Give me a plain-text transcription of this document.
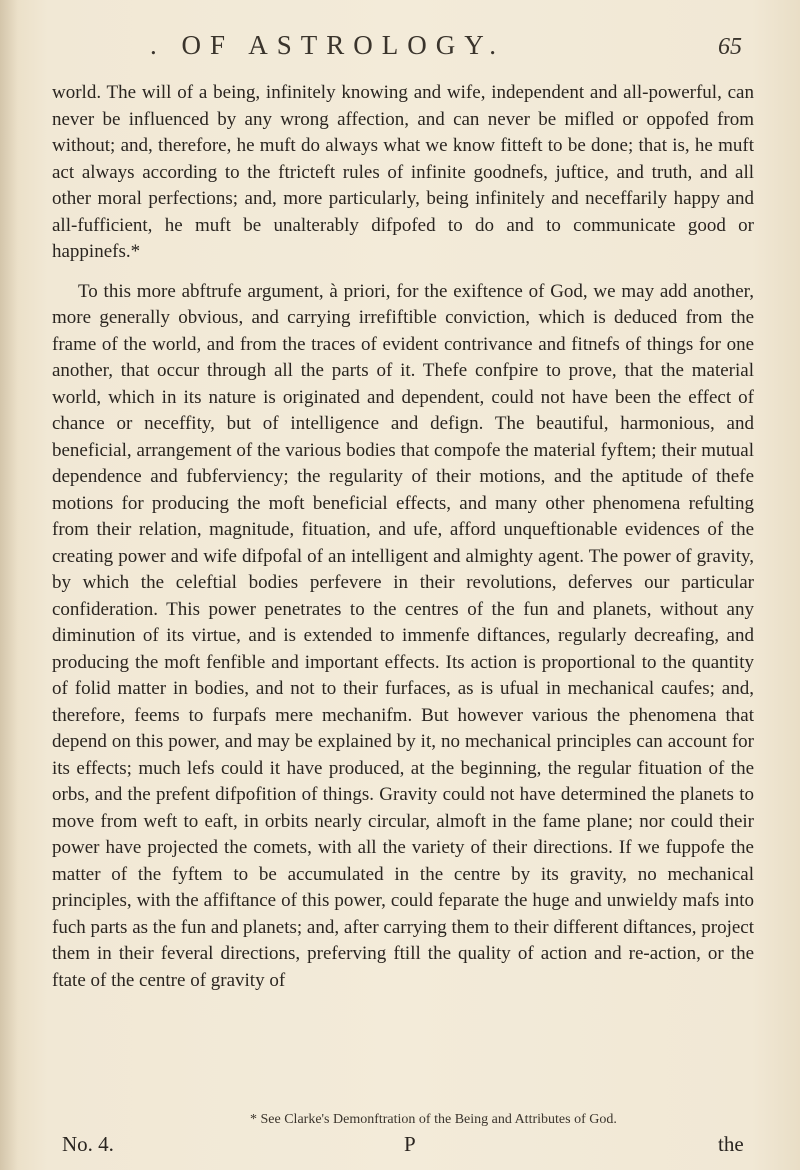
. OF ASTROLOGY.	65

world. The will of a being, infinitely knowing and wife, independent and all-powerful, can never be influenced by any wrong affection, and can never be mifled or oppofed from without; and, therefore, he muft do always what we know fitteft to be done; that is, he muft act always according to the ftricteft rules of infinite goodnefs, juftice, and truth, and all other moral perfections; and, more particularly, being infinitely and neceffarily happy and all-fufficient, he muft be unalterably difpofed to do and to communicate good or happinefs.*

To this more abftrufe argument, à priori, for the exiftence of God, we may add another, more generally obvious, and carrying irrefiftible conviction, which is deduced from the frame of the world, and from the traces of evident contrivance and fitnefs of things for one another, that occur through all the parts of it. Thefe confpire to prove, that the material world, which in its nature is originated and dependent, could not have been the effect of chance or neceffity, but of intelligence and defign. The beautiful, harmonious, and beneficial, arrangement of the various bodies that compofe the material fyftem; their mutual dependence and fubferviency; the regularity of their motions, and the aptitude of thefe motions for producing the moft beneficial effects, and many other phenomena refulting from their relation, magnitude, fituation, and ufe, afford unqueftionable evidences of the creating power and wife difpofal of an intelligent and almighty agent. The power of gravity, by which the celeftial bodies perfevere in their revolutions, deferves our particular confideration. This power penetrates to the centres of the fun and planets, without any diminution of its virtue, and is extended to immenfe diftances, regularly decreafing, and producing the moft fenfible and important effects. Its action is proportional to the quantity of folid matter in bodies, and not to their furfaces, as is ufual in mechanical caufes; and, therefore, feems to furpafs mere mechanifm. But however various the phenomena that depend on this power, and may be explained by it, no mechanical principles can account for its effects; much lefs could it have produced, at the beginning, the regular fituation of the orbs, and the prefent difpofition of things. Gravity could not have determined the planets to move from weft to eaft, in orbits nearly circular, almoft in the fame plane; nor could their power have projected the comets, with all the variety of their directions. If we fuppofe the matter of the fyftem to be accumulated in the centre by its gravity, no mechanical principles, with the affiftance of this power, could feparate the huge and unwieldy mafs into fuch parts as the fun and planets; and, after carrying them to their different diftances, project them in their feveral directions, preferving ftill the quality of action and re-action, or the ftate of the centre of gravity of

* See Clarke's Demonftration of the Being and Attributes of God.
No. 4.	P	the
